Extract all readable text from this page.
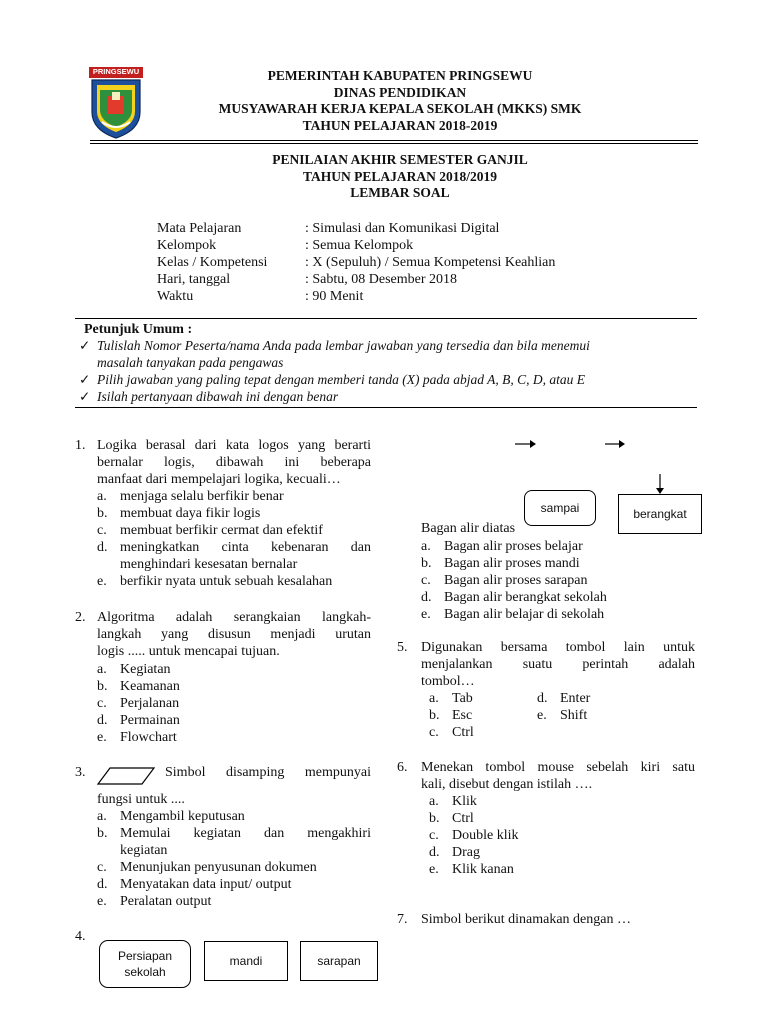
PRINGSEWU	PEMERINTAH KABUPATEN PRINGSEWU
DINAS PENDIDIKAN
MUSYAWARAH KERJA KEPALA SEKOLAH (MKKS) SMK
TAHUN PELAJARAN 2018-2019
PENILAIAN AKHIR SEMESTER GANJIL
TAHUN PELAJARAN 2018/2019
LEMBAR SOAL
Mata Pelajaran	: Simulasi dan Komunikasi Digital
Kelompok	: Semua Kelompok
Kelas / Kompetensi	: X (Sepuluh) / Semua Kompetensi Keahlian
Hari, tanggal	: Sabtu, 08 Desember 2018
Waktu	: 90 Menit
Petunjuk Umum :
✓ Tulislah Nomor Peserta/nama Anda pada lembar jawaban yang tersedia dan bila menemui
masalah tanyakan pada pengawas
✓ Pilih jawaban yang paling tepat dengan memberi tanda (X) pada abjad A, B, C, D, atau E
✓ Isilah pertanyaan dibawah ini dengan benar
1. Logika berasal dari kata logos yang berarti
bernalar logis, dibawah ini beberapa
manfaat dari mempelajari logika, kecuali…
a. menjaga selalu berfikir benar
b. membuat daya fikir logis
c. membuat berfikir cermat dan efektif
d. meningkatkan cinta kebenaran dan
menghindari kesesatan bernalar
e. berfikir nyata untuk sebuah kesalahan
2. Algoritma adalah serangkaian langkah-
langkah yang disusun menjadi urutan
logis ..... untuk mencapai tujuan.
a. Kegiatan
b. Keamanan
c. Perjalanan
d. Permainan
e. Flowchart
3.	Simbol disamping mempunyai
fungsi untuk ....
a. Mengambil keputusan
b. Memulai kegiatan dan mengakhiri
kegiatan
c. Menunjukan penyusunan dokumen
d. Menyatakan data input/ output
e. Peralatan output
4.
Persiapan sekolah
mandi	sarapan
Bagan alir diatas
sampai	berangkat
a. Bagan alir proses belajar
b. Bagan alir proses mandi
c. Bagan alir proses sarapan
d. Bagan alir berangkat sekolah
e. Bagan alir belajar di sekolah
5. Digunakan bersama tombol lain untuk
menjalankan suatu perintah adalah
tombol…
a. Tab
b. Esc
c. Ctrl
d. Enter
e. Shift
6. Menekan tombol mouse sebelah kiri satu
kali, disebut dengan istilah ….
a. Klik
b. Ctrl
c. Double klik
d. Drag
e. Klik kanan
7. Simbol berikut dinamakan dengan …
